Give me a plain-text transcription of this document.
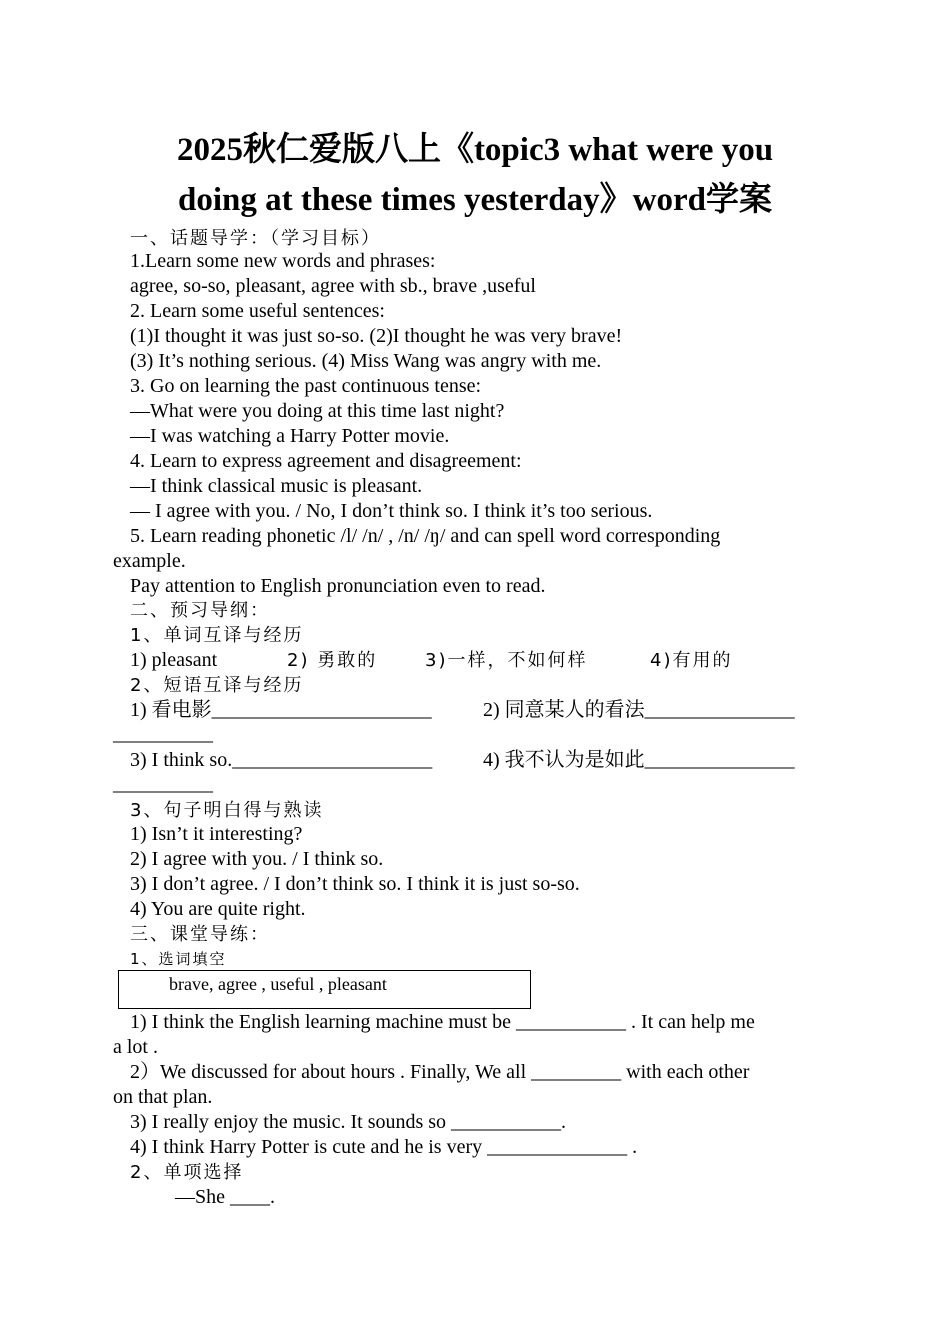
2025秋仁爱版八上《topic3 what were you
doing at these times yesterday》word学案
一、话题导学：（学习目标）
1.Learn some new words and phrases:
agree, so-so, pleasant, agree with sb., brave ,useful
2. Learn some useful sentences:
(1)I thought it was just so-so. (2)I thought he was very brave!
(3) It’s nothing serious. (4) Miss Wang was angry with me.
3. Go on learning the past continuous tense:
—What were you doing at this time last night?
—I was watching a Harry Potter movie.
4. Learn to express agreement and disagreement:
—I think classical music is pleasant.
— I agree with you. / No, I don’t think so. I think it’s too serious.
5. Learn reading phonetic /l/ /n/ , /n/ /ŋ/ and can spell word corresponding
example.
Pay attention to English pronunciation even to read.
二、预习导纲：
1、单词互译与经历
1) pleasant	2) 勇敢的	3)一样，不如何样	4)有用的
2、短语互译与经历
1) 看电影______________________	2) 同意某人的看法_______________
__________
3) I think so.____________________	4) 我不认为是如此_______________
__________
3、句子明白得与熟读
1) Isn’t it interesting?
2) I agree with you. / I think so.
3) I don’t agree. / I don’t think so. I think it is just so-so.
4) You are quite right.
三、课堂导练：
1、选词填空
brave, agree , useful , pleasant
1) I think the English learning machine must be ___________ . It can help me
a lot .
2）We discussed for about hours . Finally, We all _________ with each other
on that plan.
3) I really enjoy the music. It sounds so ___________.
4) I think Harry Potter is cute and he is very ______________ .
2、单项选择
—She ____.
